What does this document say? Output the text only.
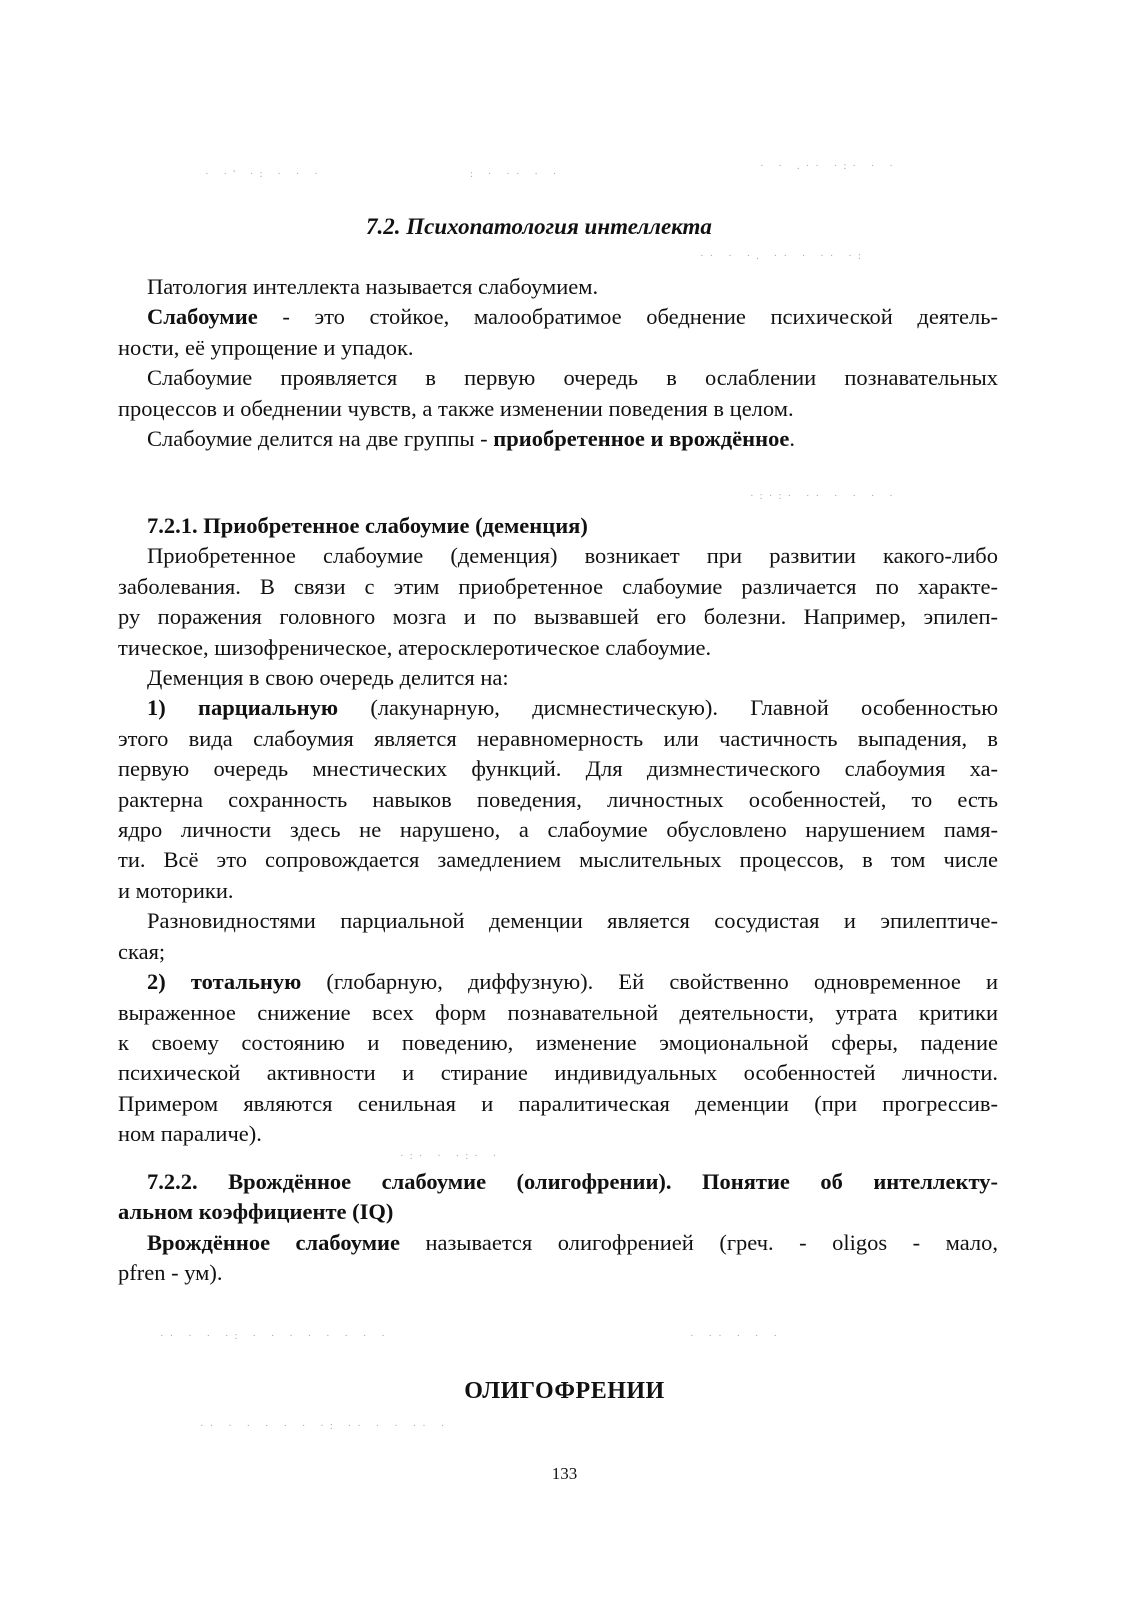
· ·' ·: · · ·	: · ·· · ·
· · .·· ·:· · ·
·· · ·. ·· · ·· ·:
·:·:· ·· · · · ·
·:· · ·:· ·
·· · · ·: · · · · · · · ·	· ·· · · ·
·· · · · · · ·: ·· · · ·· ·
7.2. Психопатология интеллекта
Патология интеллекта называется слабоумием.
Слабоумие - это стойкое, малообратимое обеднение психической деятель-
ности, её упрощение и упадок.
Слабоумие проявляется в первую очередь в ослаблении познавательных
процессов и обеднении чувств, а также изменении поведения в целом.
Слабоумие делится на две группы - приобретенное и врождённое.
7.2.1. Приобретенное слабоумие (деменция)
Приобретенное слабоумие (деменция) возникает при развитии какого-либо
заболевания. В связи с этим приобретенное слабоумие различается по характе-
ру поражения головного мозга и по вызвавшей его болезни. Например, эпилеп-
тическое, шизофреническое, атеросклеротическое слабоумие.
Деменция в свою очередь делится на:
1) парциальную (лакунарную, дисмнестическую). Главной особенностью
этого вида слабоумия является неравномерность или частичность выпадения, в
первую очередь мнестических функций. Для дизмнестического слабоумия ха-
рактерна сохранность навыков поведения, личностных особенностей, то есть
ядро личности здесь не нарушено, а слабоумие обусловлено нарушением памя-
ти. Всё это сопровождается замедлением мыслительных процессов, в том числе
и моторики.
Разновидностями парциальной деменции является сосудистая и эпилептиче-
ская;
2) тотальную (глобарную, диффузную). Ей свойственно одновременное и
выраженное снижение всех форм познавательной деятельности, утрата критики
к своему состоянию и поведению, изменение эмоциональной сферы, падение
психической активности и стирание индивидуальных особенностей личности.
Примером являются сенильная и паралитическая деменции (при прогрессив-
ном параличе).
7.2.2. Врождённое слабоумие (олигофрении). Понятие об интеллекту-
альном коэффициенте (IQ)
Врождённое слабоумие называется олигофренией (греч. - oligos - мало,
pfren - ум).
ОЛИГОФРЕНИИ
133
